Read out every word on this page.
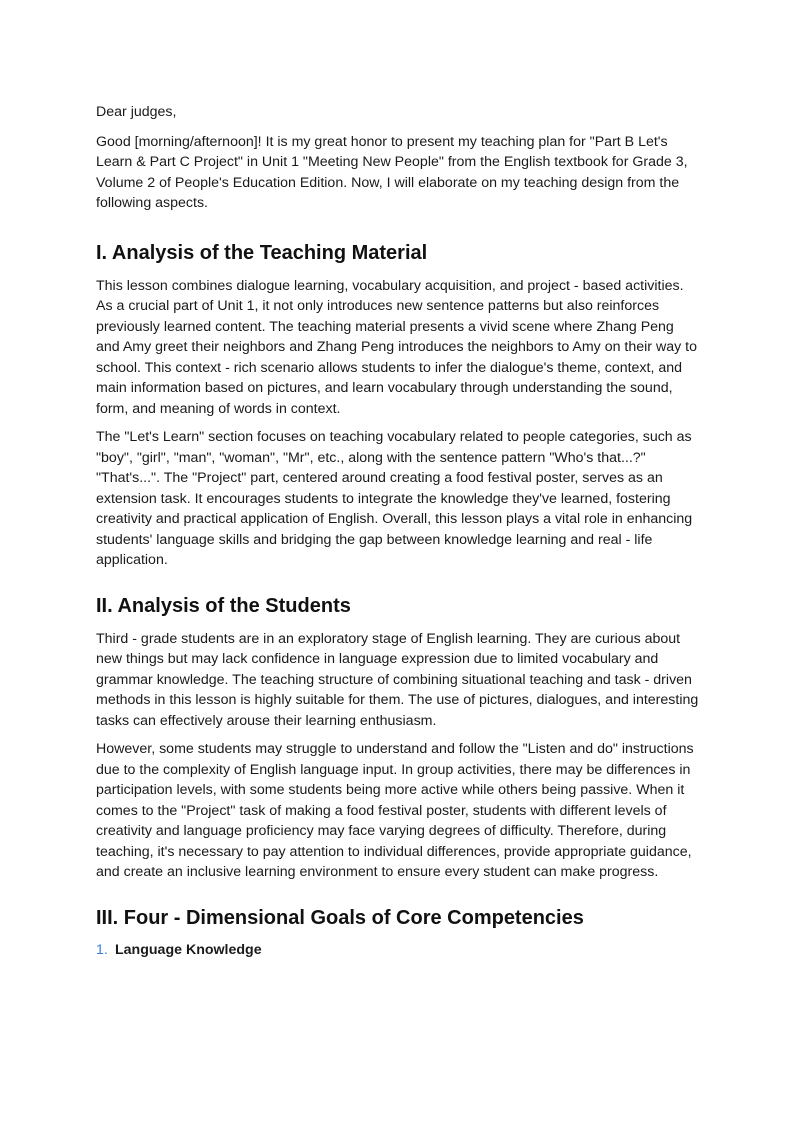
Dear judges,

Good [morning/afternoon]! It is my great honor to present my teaching plan for "Part B Let's Learn & Part C Project" in Unit 1 "Meeting New People" from the English textbook for Grade 3, Volume 2 of People's Education Edition. Now, I will elaborate on my teaching design from the following aspects.

I. Analysis of the Teaching Material

This lesson combines dialogue learning, vocabulary acquisition, and project - based activities. As a crucial part of Unit 1, it not only introduces new sentence patterns but also reinforces previously learned content. The teaching material presents a vivid scene where Zhang Peng and Amy greet their neighbors and Zhang Peng introduces the neighbors to Amy on their way to school. This context - rich scenario allows students to infer the dialogue's theme, context, and main information based on pictures, and learn vocabulary through understanding the sound, form, and meaning of words in context.

The "Let's Learn" section focuses on teaching vocabulary related to people categories, such as "boy", "girl", "man", "woman", "Mr", etc., along with the sentence pattern "Who's that...?" "That's...". The "Project" part, centered around creating a food festival poster, serves as an extension task. It encourages students to integrate the knowledge they've learned, fostering creativity and practical application of English. Overall, this lesson plays a vital role in enhancing students' language skills and bridging the gap between knowledge learning and real - life application.

II. Analysis of the Students

Third - grade students are in an exploratory stage of English learning. They are curious about new things but may lack confidence in language expression due to limited vocabulary and grammar knowledge. The teaching structure of combining situational teaching and task - driven methods in this lesson is highly suitable for them. The use of pictures, dialogues, and interesting tasks can effectively arouse their learning enthusiasm.

However, some students may struggle to understand and follow the "Listen and do" instructions due to the complexity of English language input. In group activities, there may be differences in participation levels, with some students being more active while others being passive. When it comes to the "Project" task of making a food festival poster, students with different levels of creativity and language proficiency may face varying degrees of difficulty. Therefore, during teaching, it's necessary to pay attention to individual differences, provide appropriate guidance, and create an inclusive learning environment to ensure every student can make progress.

III. Four - Dimensional Goals of Core Competencies
1. Language Knowledge
